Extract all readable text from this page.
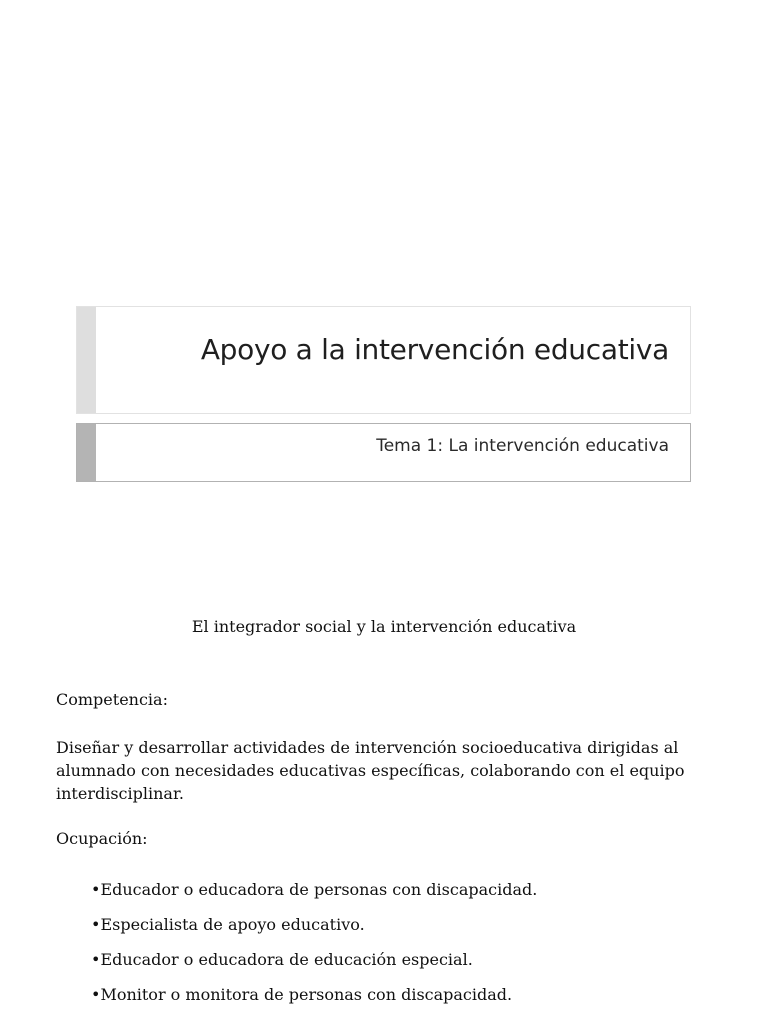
Apoyo a la intervención educativa
Tema 1: La intervención educativa
El integrador social y la intervención educativa

Competencia:

Diseñar y desarrollar actividades de intervención socioeducativa dirigidas al alumnado con necesidades educativas específicas, colaborando con el equipo interdisciplinar.

Ocupación:

•Educador o educadora de personas con discapacidad.
•Especialista de apoyo educativo.
•Educador o educadora de educación especial.
•Monitor o monitora de personas con discapacidad.
